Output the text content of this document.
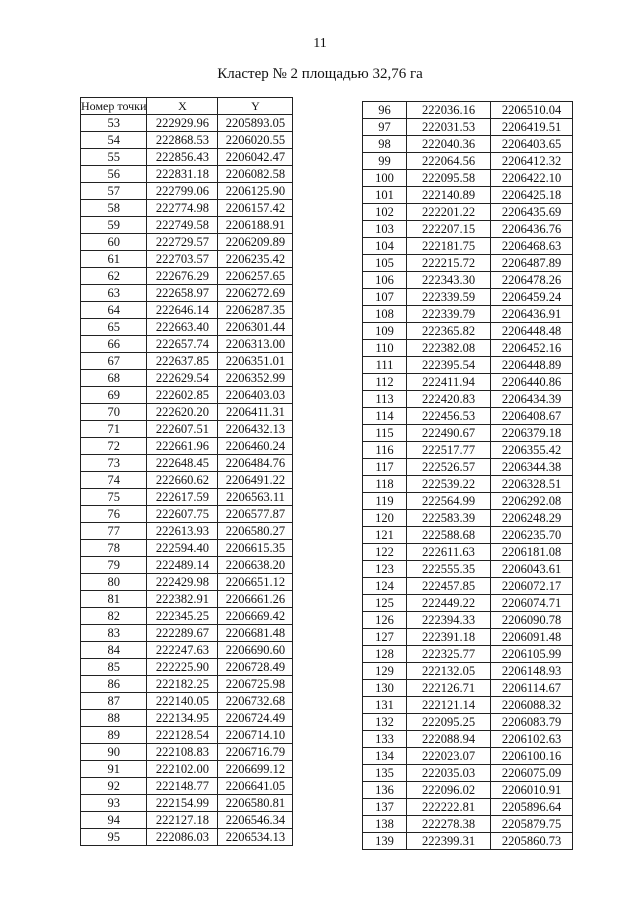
11
Кластер № 2 площадью 32,76 га
Номер точки	X	Y
53	222929.96	2205893.05
54	222868.53	2206020.55
55	222856.43	2206042.47
56	222831.18	2206082.58
57	222799.06	2206125.90
58	222774.98	2206157.42
59	222749.58	2206188.91
60	222729.57	2206209.89
61	222703.57	2206235.42
62	222676.29	2206257.65
63	222658.97	2206272.69
64	222646.14	2206287.35
65	222663.40	2206301.44
66	222657.74	2206313.00
67	222637.85	2206351.01
68	222629.54	2206352.99
69	222602.85	2206403.03
70	222620.20	2206411.31
71	222607.51	2206432.13
72	222661.96	2206460.24
73	222648.45	2206484.76
74	222660.62	2206491.22
75	222617.59	2206563.11
76	222607.75	2206577.87
77	222613.93	2206580.27
78	222594.40	2206615.35
79	222489.14	2206638.20
80	222429.98	2206651.12
81	222382.91	2206661.26
82	222345.25	2206669.42
83	222289.67	2206681.48
84	222247.63	2206690.60
85	222225.90	2206728.49
86	222182.25	2206725.98
87	222140.05	2206732.68
88	222134.95	2206724.49
89	222128.54	2206714.10
90	222108.83	2206716.79
91	222102.00	2206699.12
92	222148.77	2206641.05
93	222154.99	2206580.81
94	222127.18	2206546.34
95	222086.03	2206534.13
96	222036.16	2206510.04
97	222031.53	2206419.51
98	222040.36	2206403.65
99	222064.56	2206412.32
100	222095.58	2206422.10
101	222140.89	2206425.18
102	222201.22	2206435.69
103	222207.15	2206436.76
104	222181.75	2206468.63
105	222215.72	2206487.89
106	222343.30	2206478.26
107	222339.59	2206459.24
108	222339.79	2206436.91
109	222365.82	2206448.48
110	222382.08	2206452.16
111	222395.54	2206448.89
112	222411.94	2206440.86
113	222420.83	2206434.39
114	222456.53	2206408.67
115	222490.67	2206379.18
116	222517.77	2206355.42
117	222526.57	2206344.38
118	222539.22	2206328.51
119	222564.99	2206292.08
120	222583.39	2206248.29
121	222588.68	2206235.70
122	222611.63	2206181.08
123	222555.35	2206043.61
124	222457.85	2206072.17
125	222449.22	2206074.71
126	222394.33	2206090.78
127	222391.18	2206091.48
128	222325.77	2206105.99
129	222132.05	2206148.93
130	222126.71	2206114.67
131	222121.14	2206088.32
132	222095.25	2206083.79
133	222088.94	2206102.63
134	222023.07	2206100.16
135	222035.03	2206075.09
136	222096.02	2206010.91
137	222222.81	2205896.64
138	222278.38	2205879.75
139	222399.31	2205860.73
